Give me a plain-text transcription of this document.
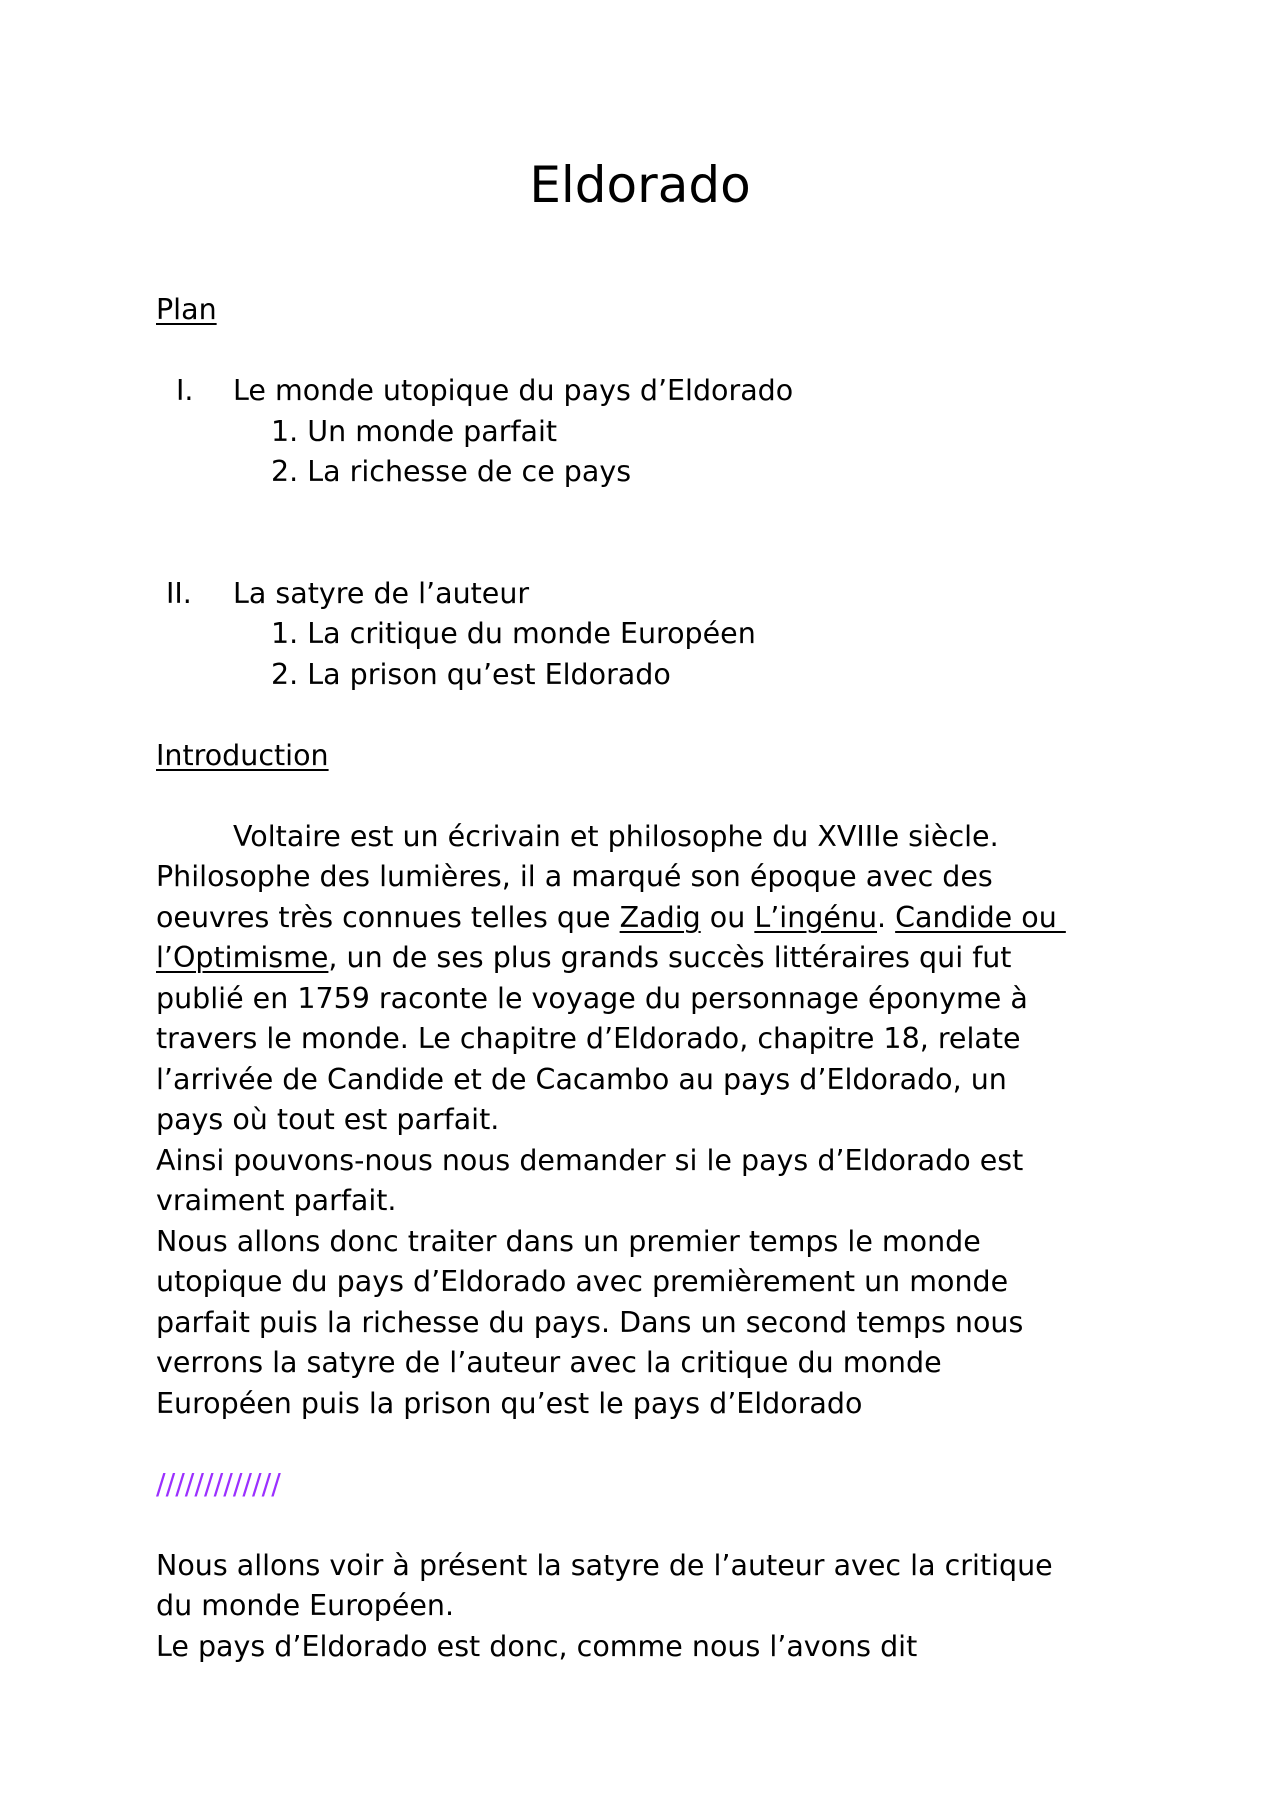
Eldorado
Plan
I. Le monde utopique du pays d’Eldorado
1. Un monde parfait
2. La richesse de ce pays
II. La satyre de l’auteur
1. La critique du monde Européen
2. La prison qu’est Eldorado
Introduction
Voltaire est un écrivain et philosophe du XVIIIe siècle.
Philosophe des lumières, il a marqué son époque avec des
oeuvres très connues telles que Zadig ou L’ingénu. Candide ou
l’Optimisme, un de ses plus grands succès littéraires qui fut
publié en 1759 raconte le voyage du personnage éponyme à
travers le monde. Le chapitre d’Eldorado, chapitre 18, relate
l’arrivée de Candide et de Cacambo au pays d’Eldorado, un
pays où tout est parfait.
Ainsi pouvons-nous nous demander si le pays d’Eldorado est
vraiment parfait.
Nous allons donc traiter dans un premier temps le monde
utopique du pays d’Eldorado avec premièrement un monde
parfait puis la richesse du pays. Dans un second temps nous
verrons la satyre de l’auteur avec la critique du monde
Européen puis la prison qu’est le pays d’Eldorado
/////////////
Nous allons voir à présent la satyre de l’auteur avec la critique
du monde Européen.
Le pays d’Eldorado est donc, comme nous l’avons dit
